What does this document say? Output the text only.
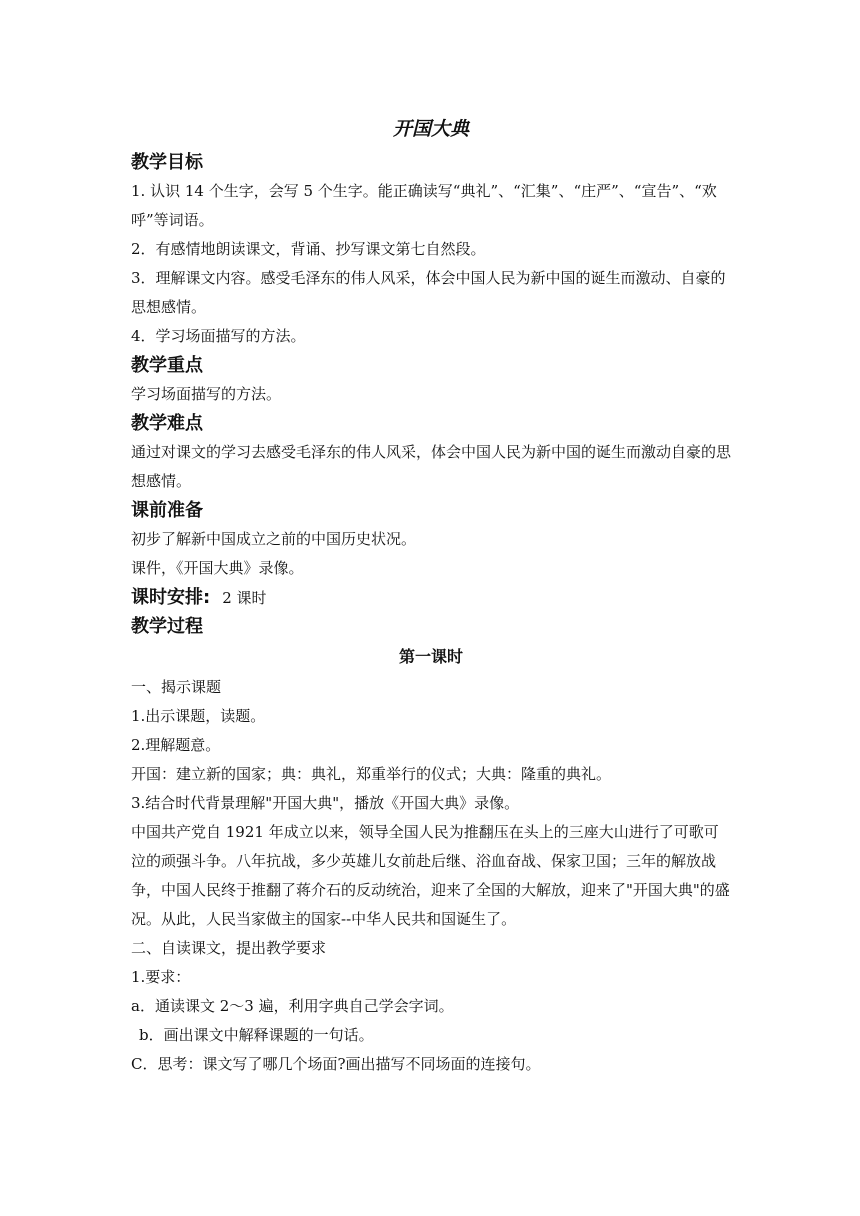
开国大典
教学目标
1. 认识 14 个生字，会写 5 个生字。能正确读写“典礼”、“汇集”、“庄严”、“宣告”、“欢呼”等词语。
2．有感情地朗读课文，背诵、抄写课文第七自然段。
3．理解课文内容。感受毛泽东的伟人风采，体会中国人民为新中国的诞生而激动、自豪的思想感情。
4．学习场面描写的方法。
教学重点
学习场面描写的方法。
教学难点
通过对课文的学习去感受毛泽东的伟人风采，体会中国人民为新中国的诞生而激动自豪的思想感情。
课前准备
初步了解新中国成立之前的中国历史状况。
课件，《开国大典》录像。
课时安排: 2 课时
教学过程
第一课时
一、揭示课题
1.出示课题，读题。
2.理解题意。
开国：建立新的国家；典：典礼，郑重举行的仪式；大典：隆重的典礼。
3.结合时代背景理解"开国大典"，播放《开国大典》录像。
中国共产党自 1921 年成立以来，领导全国人民为推翻压在头上的三座大山进行了可歌可泣的顽强斗争。八年抗战，多少英雄儿女前赴后继、浴血奋战、保家卫国；三年的解放战争，中国人民终于推翻了蒋介石的反动统治，迎来了全国的大解放，迎来了"开国大典"的盛况。从此，人民当家做主的国家--中华人民共和国诞生了。
二、自读课文，提出教学要求
1.要求：
a．通读课文 2～3 遍，利用字典自己学会字词。
b．画出课文中解释课题的一句话。
C．思考：课文写了哪几个场面?画出描写不同场面的连接句。
